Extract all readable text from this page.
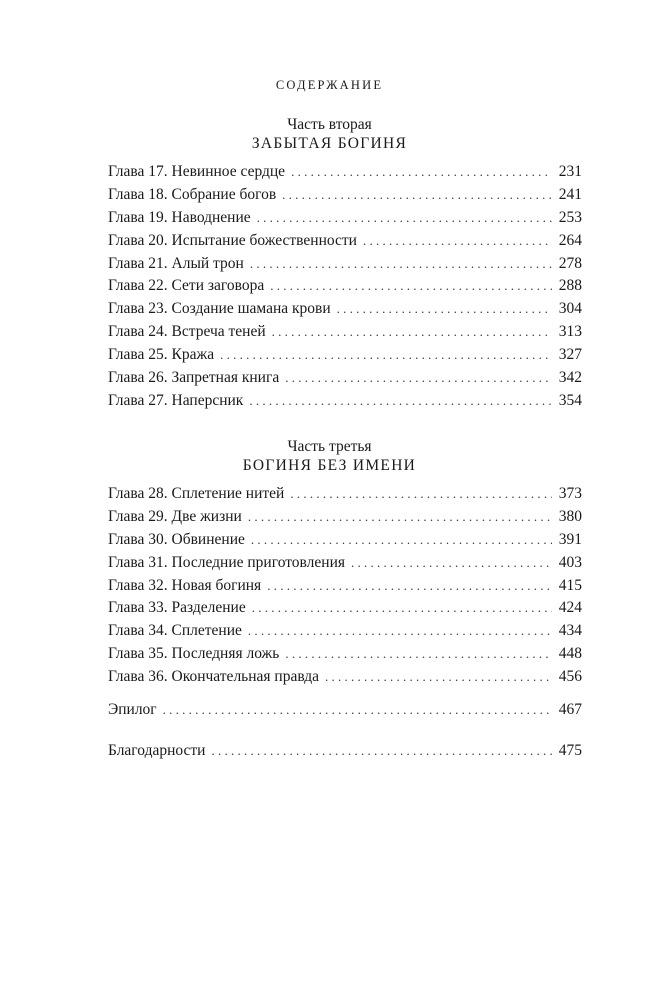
СОДЕРЖАНИЕ
Часть вторая
ЗАБЫТАЯ БОГИНЯ
Глава 17. Невинное сердце . . .	231
Глава 18. Собрание богов . . .	241
Глава 19. Наводнение . . .	253
Глава 20. Испытание божественности . . .	264
Глава 21. Алый трон . . .	278
Глава 22. Сети заговора . . .	288
Глава 23. Создание шамана крови . . .	304
Глава 24. Встреча теней . . .	313
Глава 25. Кража . . .	327
Глава 26. Запретная книга . . .	342
Глава 27. Наперсник . . .	354
Часть третья
БОГИНЯ БЕЗ ИМЕНИ
Глава 28. Сплетение нитей . . .	373
Глава 29. Две жизни . . .	380
Глава 30. Обвинение . . .	391
Глава 31. Последние приготовления . . .	403
Глава 32. Новая богиня . . .	415
Глава 33. Разделение . . .	424
Глава 34. Сплетение . . .	434
Глава 35. Последняя ложь . . .	448
Глава 36. Окончательная правда . . .	456
Эпилог . . .	467
Благодарности . . .	475
